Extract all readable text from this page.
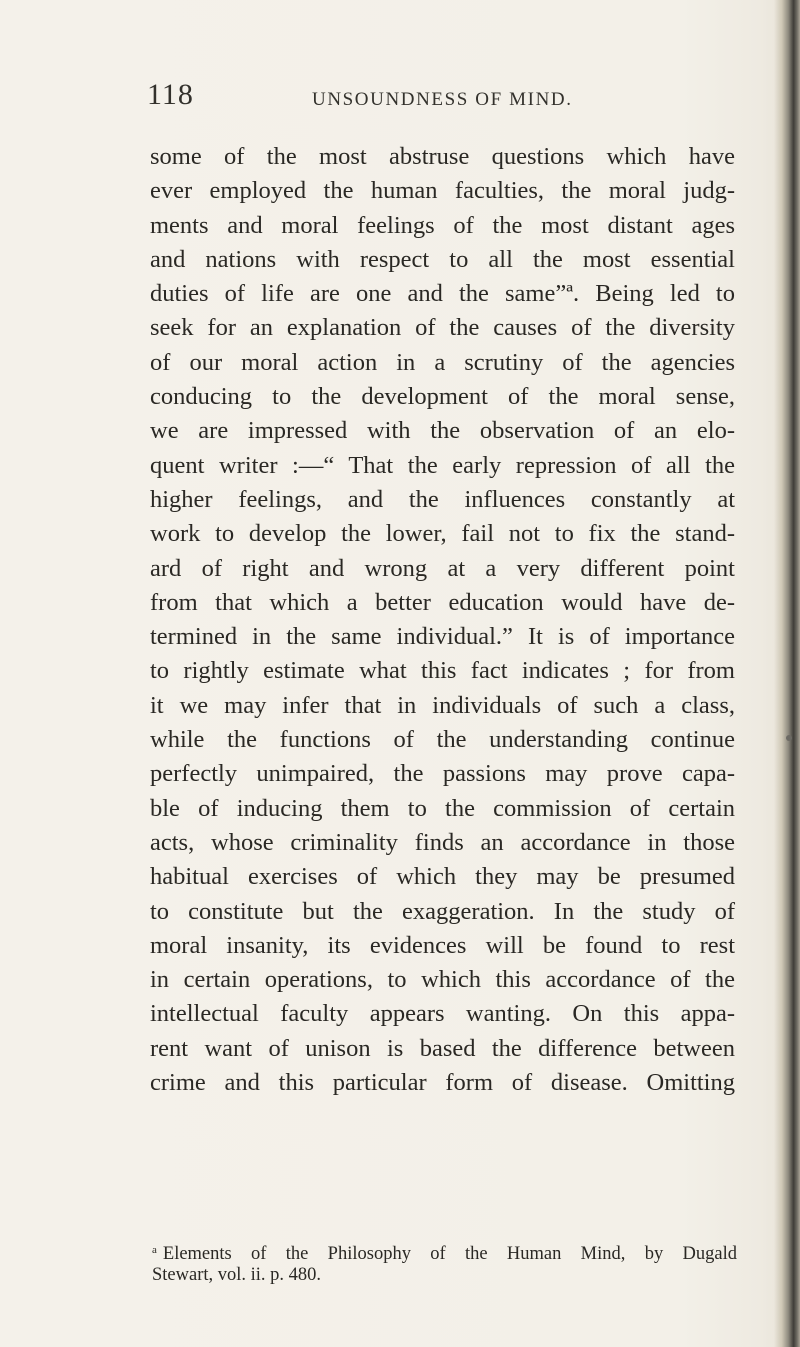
118	UNSOUNDNESS OF MIND.
some of the most abstruse questions which have
ever employed the human faculties, the moral judg-
ments and moral feelings of the most distant ages
and nations with respect to all the most essential
duties of life are one and the same”ª. Being led to
seek for an explanation of the causes of the diversity
of our moral action in a scrutiny of the agencies
conducing to the development of the moral sense,
we are impressed with the observation of an elo-
quent writer :—“ That the early repression of all the
higher feelings, and the influences constantly at
work to develop the lower, fail not to fix the stand-
ard of right and wrong at a very different point
from that which a better education would have de-
termined in the same individual.” It is of importance
to rightly estimate what this fact indicates ; for from
it we may infer that in individuals of such a class,
while the functions of the understanding continue
perfectly unimpaired, the passions may prove capa-
ble of inducing them to the commission of certain
acts, whose criminality finds an accordance in those
habitual exercises of which they may be presumed
to constitute but the exaggeration. In the study of
moral insanity, its evidences will be found to rest
in certain operations, to which this accordance of the
intellectual faculty appears wanting. On this appa-
rent want of unison is based the difference between
crime and this particular form of disease. Omitting
$^a$ Elements of the Philosophy of the Human Mind, by Dugald
Stewart, vol. ii. p. 480.
